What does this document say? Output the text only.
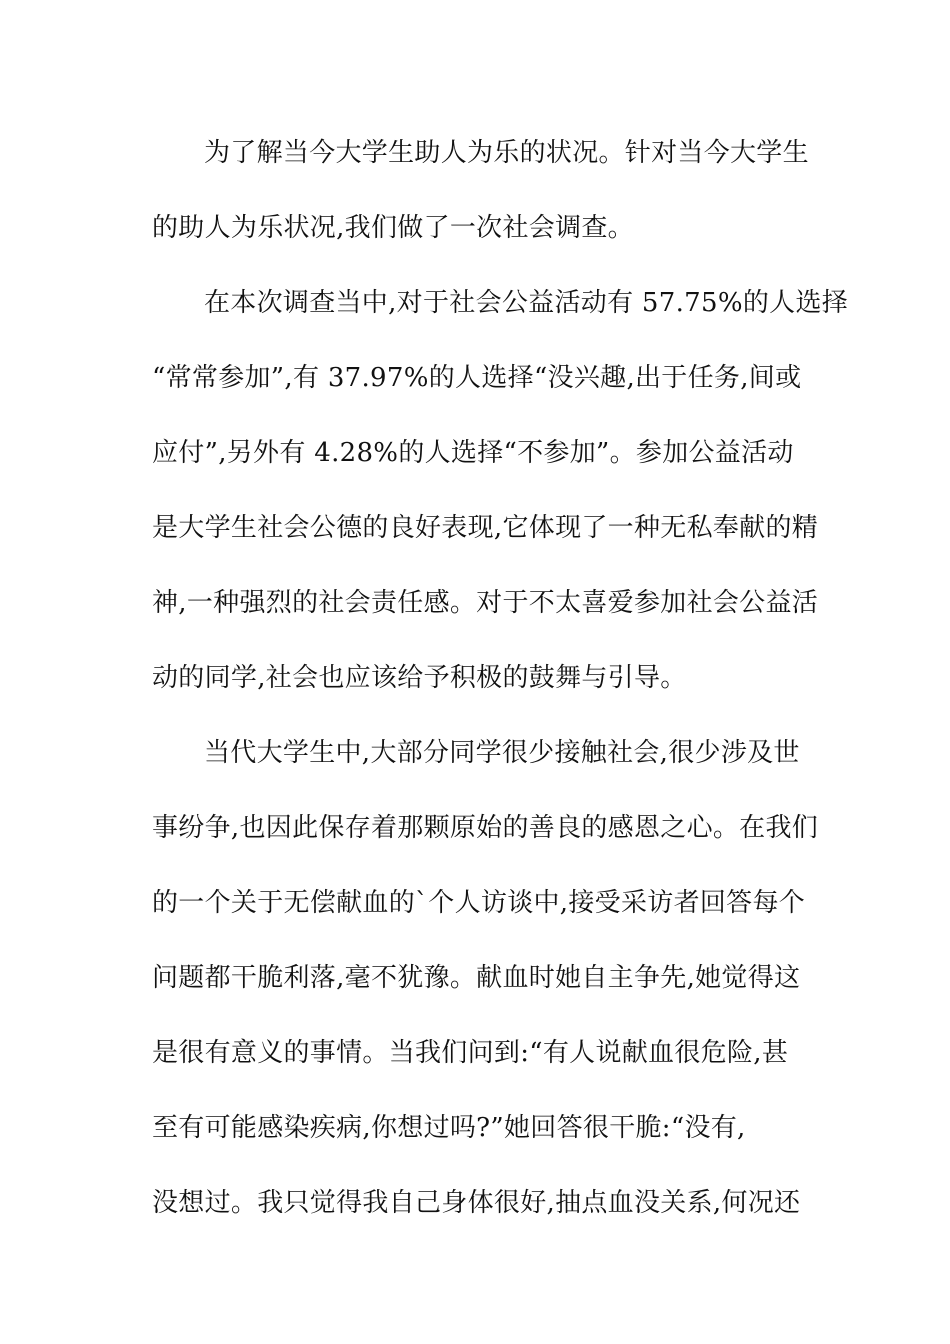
为了解当今大学生助人为乐的状况。针对当今大学生
的助人为乐状况,我们做了一次社会调查。
在本次调查当中,对于社会公益活动有 57.75%的人选择
“常常参加”,有 37.97%的人选择“没兴趣,出于任务,间或
应付”,另外有 4.28%的人选择“不参加”。参加公益活动
是大学生社会公德的良好表现,它体现了一种无私奉献的精
神,一种强烈的社会责任感。对于不太喜爱参加社会公益活
动的同学,社会也应该给予积极的鼓舞与引导。
当代大学生中,大部分同学很少接触社会,很少涉及世
事纷争,也因此保存着那颗原始的善良的感恩之心。在我们
的一个关于无偿献血的`个人访谈中,接受采访者回答每个
问题都干脆利落,毫不犹豫。献血时她自主争先,她觉得这
是很有意义的事情。当我们问到:“有人说献血很危险,甚
至有可能感染疾病,你想过吗?”她回答很干脆:“没有,
没想过。我只觉得我自己身体很好,抽点血没关系,何况还
